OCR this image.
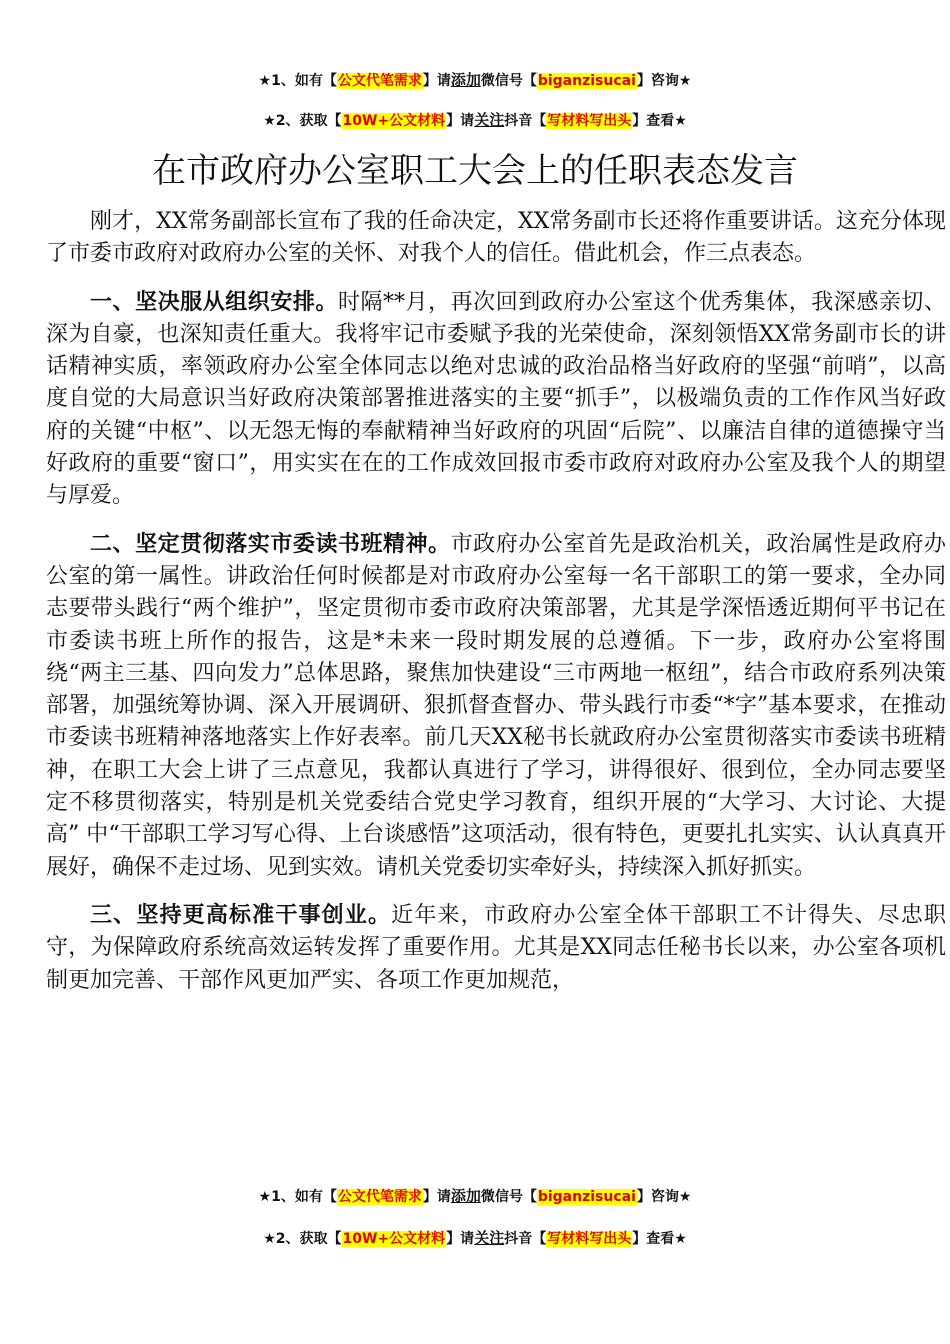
★1、如有【公文代笔需求】请添加微信号【biganzisucai】咨询★
★2、获取【10W+公文材料】请关注抖音【写材料写出头】查看★
在市政府办公室职工大会上的任职表态发言

刚才，XX常务副部长宣布了我的任命决定，XX常务副市长还将作重要讲话。这充分体现了市委市政府对政府办公室的关怀、对我个人的信任。借此机会，作三点表态。

一、坚决服从组织安排。时隔**月，再次回到政府办公室这个优秀集体，我深感亲切、深为自豪，也深知责任重大。我将牢记市委赋予我的光荣使命，深刻领悟XX常务副市长的讲话精神实质，率领政府办公室全体同志以绝对忠诚的政治品格当好政府的坚强“前哨”，以高度自觉的大局意识当好政府决策部署推进落实的主要“抓手”，以极端负责的工作作风当好政府的关键“中枢”、以无怨无悔的奉献精神当好政府的巩固“后院”、以廉洁自律的道德操守当好政府的重要“窗口”，用实实在在的工作成效回报市委市政府对政府办公室及我个人的期望与厚爱。

二、坚定贯彻落实市委读书班精神。市政府办公室首先是政治机关，政治属性是政府办公室的第一属性。讲政治任何时候都是对市政府办公室每一名干部职工的第一要求，全办同志要带头践行“两个维护”，坚定贯彻市委市政府决策部署，尤其是学深悟透近期何平书记在市委读书班上所作的报告，这是*未来一段时期发展的总遵循。下一步，政府办公室将围绕“两主三基、四向发力”总体思路，聚焦加快建设“三市两地一枢纽”，结合市政府系列决策部署，加强统筹协调、深入开展调研、狠抓督查督办、带头践行市委“*字”基本要求，在推动市委读书班精神落地落实上作好表率。前几天XX秘书长就政府办公室贯彻落实市委读书班精神，在职工大会上讲了三点意见，我都认真进行了学习，讲得很好、很到位，全办同志要坚定不移贯彻落实，特别是机关党委结合党史学习教育，组织开展的“大学习、大讨论、大提高” 中“干部职工学习写心得、上台谈感悟”这项活动，很有特色，更要扎扎实实、认认真真开展好，确保不走过场、见到实效。请机关党委切实牵好头，持续深入抓好抓实。

三、坚持更高标准干事创业。近年来，市政府办公室全体干部职工不计得失、尽忠职守，为保障政府系统高效运转发挥了重要作用。尤其是XX同志任秘书长以来，办公室各项机制更加完善、干部作风更加严实、各项工作更加规范，

★1、如有【公文代笔需求】请添加微信号【biganzisucai】咨询★
★2、获取【10W+公文材料】请关注抖音【写材料写出头】查看★
